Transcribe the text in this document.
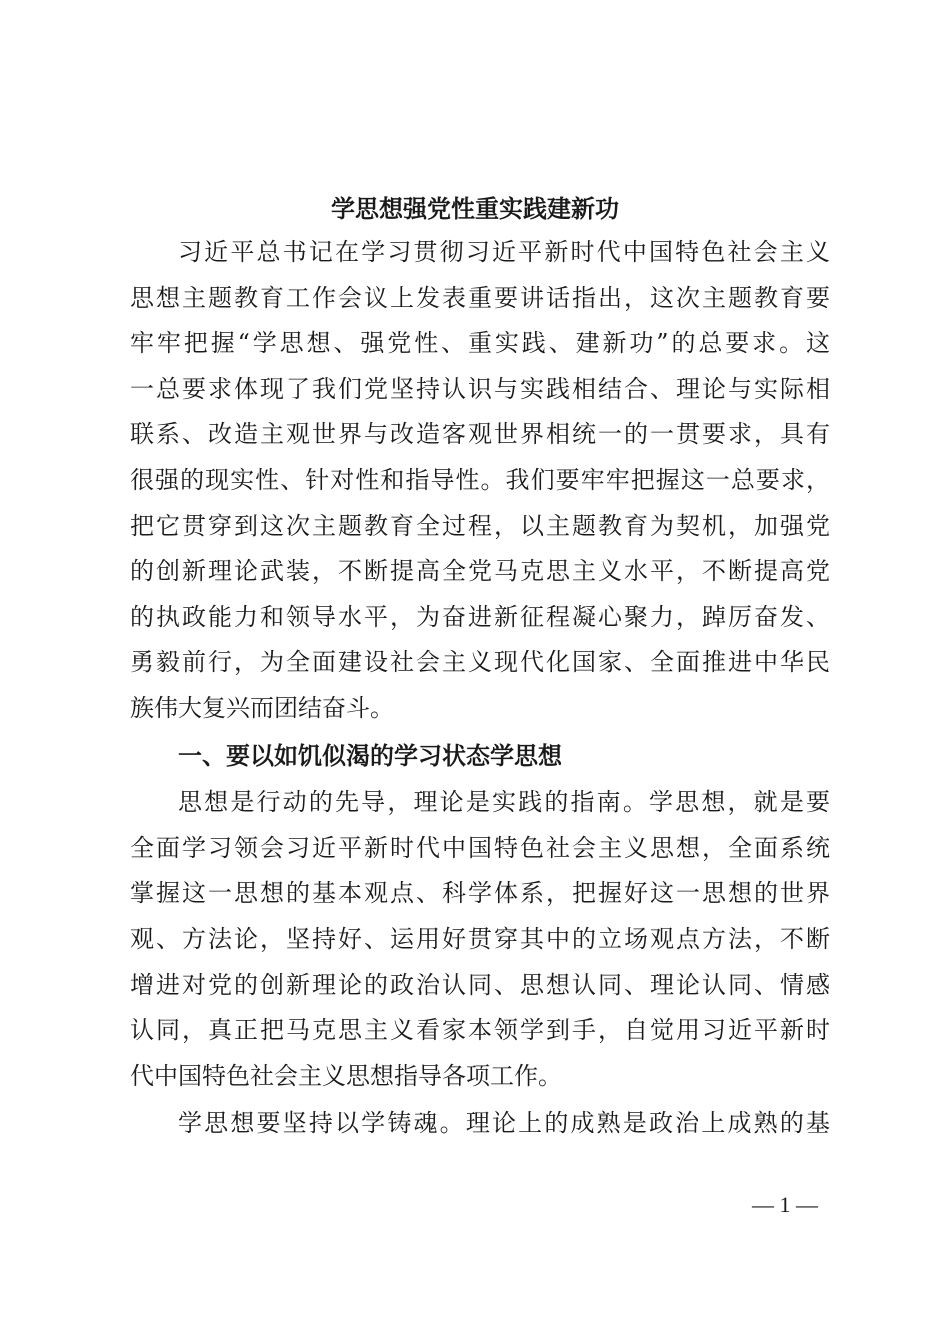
学思想强党性重实践建新功
习近平总书记在学习贯彻习近平新时代中国特色社会主义
思想主题教育工作会议上发表重要讲话指出，这次主题教育要
牢牢把握“学思想、强党性、重实践、建新功”的总要求。这
一总要求体现了我们党坚持认识与实践相结合、理论与实际相
联系、改造主观世界与改造客观世界相统一的一贯要求，具有
很强的现实性、针对性和指导性。我们要牢牢把握这一总要求，
把它贯穿到这次主题教育全过程，以主题教育为契机，加强党
的创新理论武装，不断提高全党马克思主义水平，不断提高党
的执政能力和领导水平，为奋进新征程凝心聚力，踔厉奋发、
勇毅前行，为全面建设社会主义现代化国家、全面推进中华民
族伟大复兴而团结奋斗。
一、要以如饥似渴的学习状态学思想
思想是行动的先导，理论是实践的指南。学思想，就是要
全面学习领会习近平新时代中国特色社会主义思想，全面系统
掌握这一思想的基本观点、科学体系，把握好这一思想的世界
观、方法论，坚持好、运用好贯穿其中的立场观点方法，不断
增进对党的创新理论的政治认同、思想认同、理论认同、情感
认同，真正把马克思主义看家本领学到手，自觉用习近平新时
代中国特色社会主义思想指导各项工作。
学思想要坚持以学铸魂。理论上的成熟是政治上成熟的基
— 1 —
